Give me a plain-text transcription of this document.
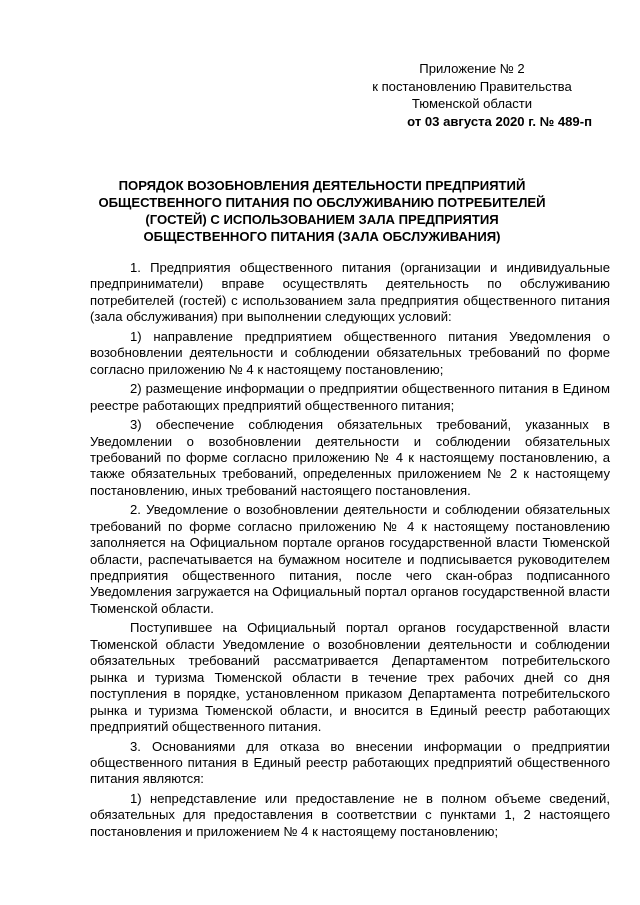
Приложение № 2
к постановлению Правительства
Тюменской области
от 03 августа 2020 г. № 489-п
ПОРЯДОК ВОЗОБНОВЛЕНИЯ ДЕЯТЕЛЬНОСТИ ПРЕДПРИЯТИЙ ОБЩЕСТВЕННОГО ПИТАНИЯ ПО ОБСЛУЖИВАНИЮ ПОТРЕБИТЕЛЕЙ (ГОСТЕЙ) С ИСПОЛЬЗОВАНИЕМ ЗАЛА ПРЕДПРИЯТИЯ ОБЩЕСТВЕННОГО ПИТАНИЯ (ЗАЛА ОБСЛУЖИВАНИЯ)

1. Предприятия общественного питания (организации и индивидуальные предприниматели) вправе осуществлять деятельность по обслуживанию потребителей (гостей) с использованием зала предприятия общественного питания (зала обслуживания) при выполнении следующих условий:

1) направление предприятием общественного питания Уведомления о возобновлении деятельности и соблюдении обязательных требований по форме согласно приложению № 4 к настоящему постановлению;

2) размещение информации о предприятии общественного питания в Едином реестре работающих предприятий общественного питания;

3) обеспечение соблюдения обязательных требований, указанных в Уведомлении о возобновлении деятельности и соблюдении обязательных требований по форме согласно приложению № 4 к настоящему постановлению, а также обязательных требований, определенных приложением № 2 к настоящему постановлению, иных требований настоящего постановления.

2. Уведомление о возобновлении деятельности и соблюдении обязательных требований по форме согласно приложению № 4 к настоящему постановлению заполняется на Официальном портале органов государственной власти Тюменской области, распечатывается на бумажном носителе и подписывается руководителем предприятия общественного питания, после чего скан-образ подписанного Уведомления загружается на Официальный портал органов государственной власти Тюменской области.

Поступившее на Официальный портал органов государственной власти Тюменской области Уведомление о возобновлении деятельности и соблюдении обязательных требований рассматривается Департаментом потребительского рынка и туризма Тюменской области в течение трех рабочих дней со дня поступления в порядке, установленном приказом Департамента потребительского рынка и туризма Тюменской области, и вносится в Единый реестр работающих предприятий общественного питания.

3. Основаниями для отказа во внесении информации о предприятии общественного питания в Единый реестр работающих предприятий общественного питания являются:

1) непредставление или предоставление не в полном объеме сведений, обязательных для предоставления в соответствии с пунктами 1, 2 настоящего постановления и приложением № 4 к настоящему постановлению;
